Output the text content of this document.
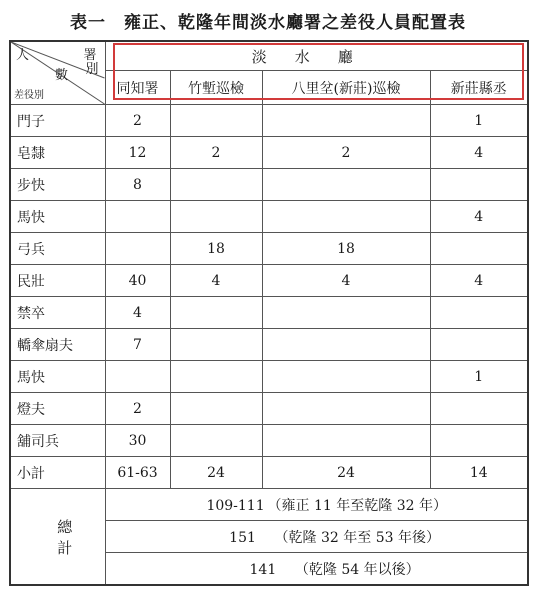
表一　雍正、乾隆年間淡水廳署之差役人員配置表
人 署
數 別
差役別	淡水廳			
	同知署	竹塹巡檢	八里坌(新莊)巡檢	新莊縣丞
門子	2			1
皂隸	12	2	2	4
步快	8			
馬快				4
弓兵		18	18	
民壯	40	4	4	4
禁卒	4			
轎傘扇夫	7			
馬快				1
燈夫	2			
舖司兵	30			
小計	61-63	24	24	14
總計	109-111 （雍正 11 年至乾隆 32 年）			
	151 （乾隆 32 年至 53 年後）			
	141 （乾隆 54 年以後）			
